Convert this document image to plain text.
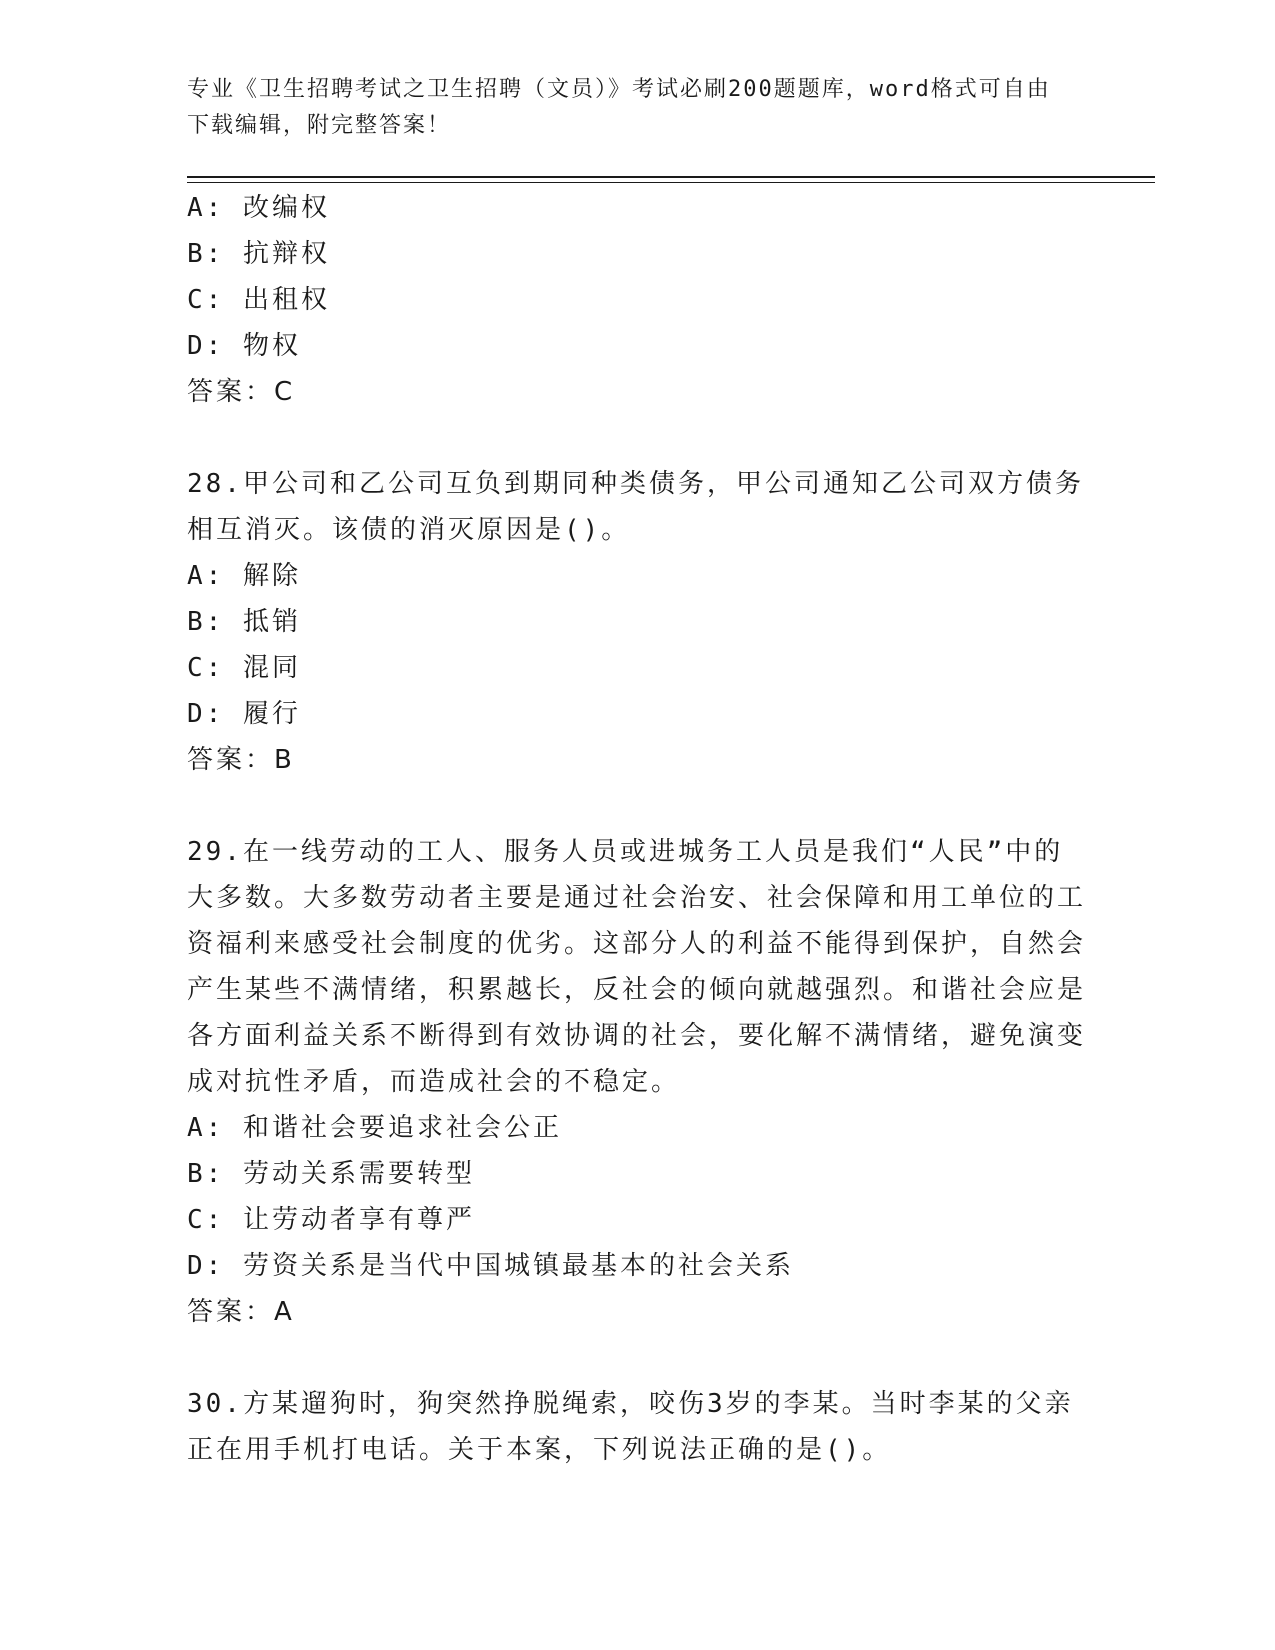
专业《卫生招聘考试之卫生招聘（文员）》考试必刷200题题库，word格式可自由下载编辑，附完整答案！

A: 改编权

B: 抗辩权

C: 出租权

D: 物权

答案：C

28.甲公司和乙公司互负到期同种类债务，甲公司通知乙公司双方债务相互消灭。该债的消灭原因是()。

A: 解除

B: 抵销

C: 混同

D: 履行

答案：B

29.在一线劳动的工人、服务人员或进城务工人员是我们“人民”中的大多数。大多数劳动者主要是通过社会治安、社会保障和用工单位的工资福利来感受社会制度的优劣。这部分人的利益不能得到保护，自然会产生某些不满情绪，积累越长，反社会的倾向就越强烈。和谐社会应是各方面利益关系不断得到有效协调的社会，要化解不满情绪，避免演变成对抗性矛盾，而造成社会的不稳定。

A: 和谐社会要追求社会公正

B: 劳动关系需要转型

C: 让劳动者享有尊严

D: 劳资关系是当代中国城镇最基本的社会关系

答案：A

30.方某遛狗时，狗突然挣脱绳索，咬伤3岁的李某。当时李某的父亲正在用手机打电话。关于本案，下列说法正确的是()。
